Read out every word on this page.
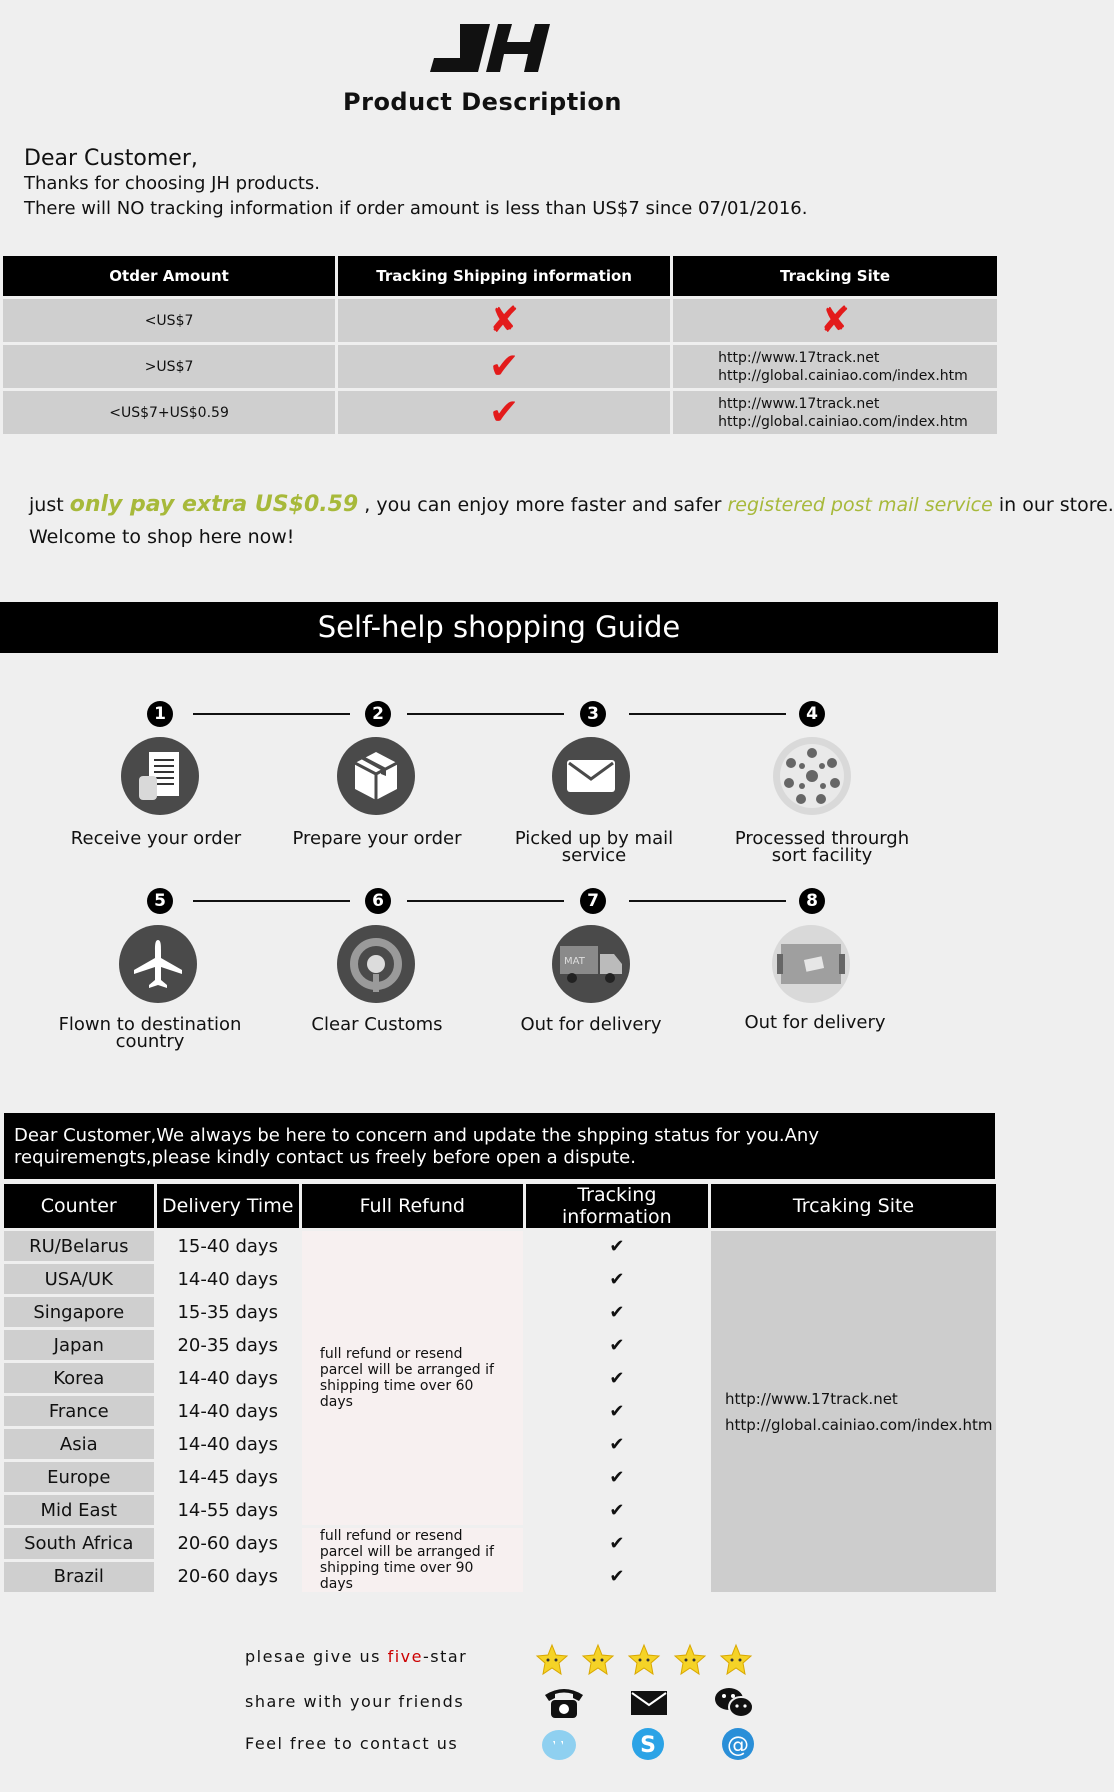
Product Description
Dear Customer,
Thanks for choosing JH products.
There will NO tracking information if order amount is less than US$7 since 07/01/2016.
Otder Amount	Tracking Shipping information	Tracking Site
<US$7	✘	✘
>US$7	✔	http://www.17track.net
http://global.cainiao.com/index.htm

<US$7+US$0.59	✔	http://www.17track.net
http://global.cainiao.com/index.htm
just only pay extra US$0.59 , you can enjoy more faster and safer registered post mail service in our store.
Welcome to shop here now!
Self-help shopping Guide
1
Receive your order
2
Prepare your order
3
Picked up by mail service
4
Processed throurgh sort facility
5
Flown to destination country
6
Clear Customs
7
MAT
Out for delivery
8
Out for delivery
Dear Customer,We always be here to concern and update the shpping status for you.Any requiremengts,please kindly contact us freely before open a dispute.
Counter	Delivery Time	Full Refund	Tracking information	Trcaking Site
RU/Belarus	15-40 days	full refund or resend parcel will be arranged if shipping time over 60 days	✔	http://www.17track.net
http://global.cainiao.com/index.htm

USA/UK	14-40 days		✔	
Singapore	15-35 days		✔	
Japan	20-35 days		✔	
Korea	14-40 days		✔	
France	14-40 days		✔	
Asia	14-40 days		✔	
Europe	14-45 days		✔	
Mid East	14-55 days		✔	
South Africa	20-60 days	full refund or resend parcel will be arranged if shipping time over 90 days	✔	
Brazil	20-60 days		✔	
plesae give us five-star
share with your friends
Feel free to contact us	S	@
